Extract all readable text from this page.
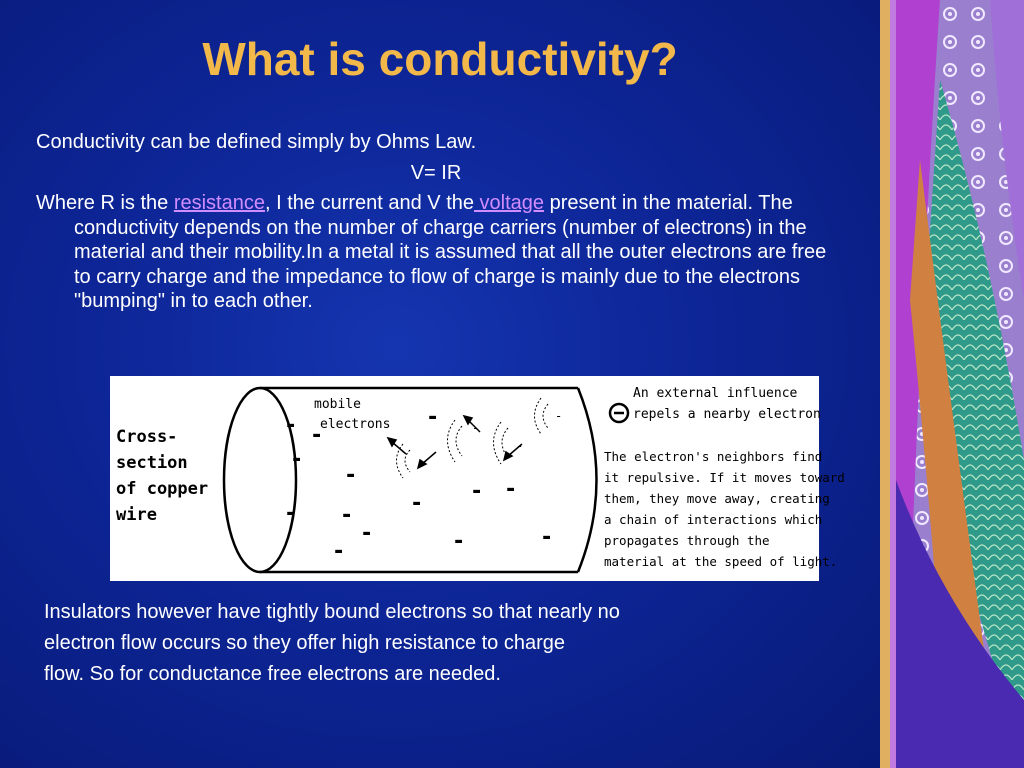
What is conductivity?

Conductivity can be defined simply by Ohms Law.

V= IR

Where R is the resistance, I the current and V the voltage present in the material. The conductivity depends on the number of charge carriers (number of electrons) in the material and their mobility.In a metal it is assumed that all the outer electrons are free to carry charge and the impedance to flow of charge is mainly due to the electrons "bumping" in to each other.

Cross-
section
of copper
wire
mobile
electrons
- -
-
-
- -
-
-
-
- - -
-	-
-
-
-
An external influence
repels a nearby electron
The electron's neighbors find
it repulsive. If it moves toward
them, they move away, creating
a chain of interactions which
propagates through the
material at the speed of light.
Insulators however have tightly bound electrons so that nearly no
electron flow occurs so they offer high resistance to charge
flow. So for conductance free electrons are needed.
